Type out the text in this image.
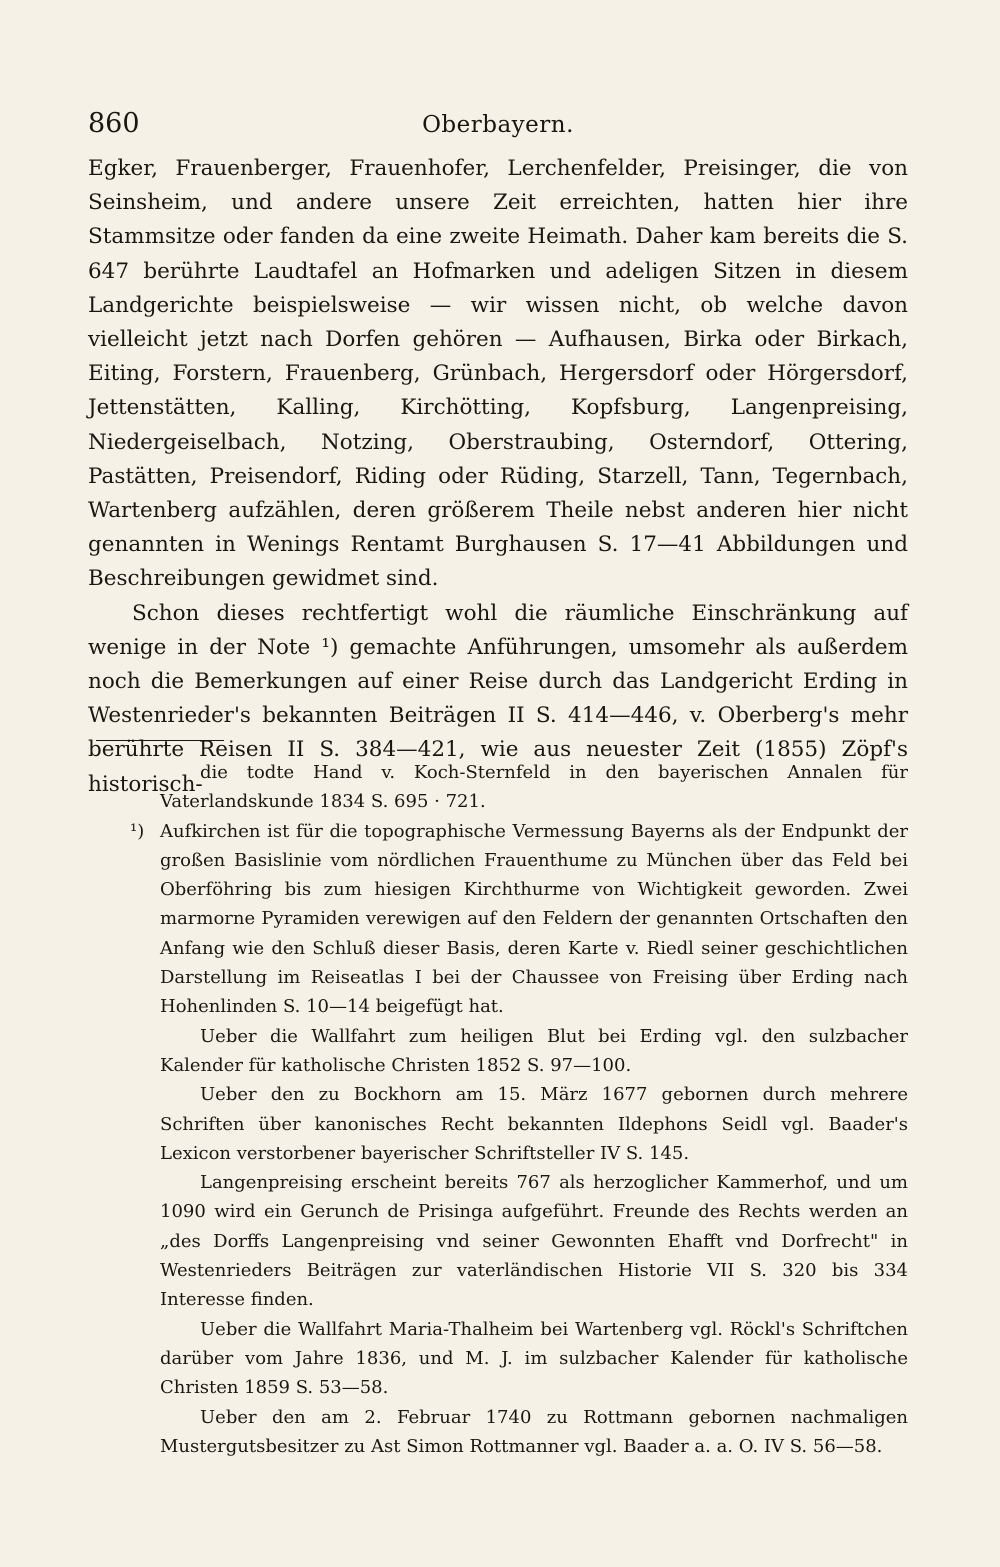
860	Oberbayern.

Egker, Frauenberger, Frauenhofer, Lerchenfelder, Preisinger, die von Seinsheim, und andere unsere Zeit erreichten, hatten hier ihre Stammsitze oder fanden da eine zweite Heimath. Daher kam bereits die S. 647 berührte Laudtafel an Hofmarken und adeligen Sitzen in diesem Landgerichte beispielsweise — wir wissen nicht, ob welche davon vielleicht jetzt nach Dorfen gehören — Aufhausen, Birka oder Birkach, Eiting, Forstern, Frauenberg, Grünbach, Hergersdorf oder Hörgersdorf, Jettenstätten, Kalling, Kirchötting, Kopfsburg, Langenpreising, Niedergeiselbach, Notzing, Oberstraubing, Osterndorf, Ottering, Pastätten, Preisendorf, Riding oder Rüding, Starzell, Tann, Tegernbach, Wartenberg aufzählen, deren größerem Theile nebst anderen hier nicht genannten in Wenings Rentamt Burghausen S. 17—41 Abbildungen und Beschreibungen gewidmet sind.

Schon dieses rechtfertigt wohl die räumliche Einschränkung auf wenige in der Note ¹) gemachte Anführungen, umsomehr als außerdem noch die Bemerkungen auf einer Reise durch das Landgericht Erding in Westenrieder's bekannten Beiträgen II S. 414—446, v. Oberberg's mehr berührte Reisen II S. 384—421, wie aus neuester Zeit (1855) Zöpf's historisch-

die todte Hand v. Koch-Sternfeld in den bayerischen Annalen für Vaterlandskunde 1834 S. 695 · 721.

¹) Aufkirchen ist für die topographische Vermessung Bayerns als der Endpunkt der großen Basislinie vom nördlichen Frauenthume zu München über das Feld bei Oberföhring bis zum hiesigen Kirchthurme von Wichtigkeit geworden. Zwei marmorne Pyramiden verewigen auf den Feldern der genannten Ortschaften den Anfang wie den Schluß dieser Basis, deren Karte v. Riedl seiner geschichtlichen Darstellung im Reiseatlas I bei der Chaussee von Freising über Erding nach Hohenlinden S. 10—14 beigefügt hat.

Ueber die Wallfahrt zum heiligen Blut bei Erding vgl. den sulzbacher Kalender für katholische Christen 1852 S. 97—100.

Ueber den zu Bockhorn am 15. März 1677 gebornen durch mehrere Schriften über kanonisches Recht bekannten Ildephons Seidl vgl. Baader's Lexicon verstorbener bayerischer Schriftsteller IV S. 145.

Langenpreising erscheint bereits 767 als herzoglicher Kammerhof, und um 1090 wird ein Gerunch de Prisinga aufgeführt. Freunde des Rechts werden an „des Dorffs Langenpreising vnd seiner Gewonnten Ehafft vnd Dorfrecht" in Westenrieders Beiträgen zur vaterländischen Historie VII S. 320 bis 334 Interesse finden.

Ueber die Wallfahrt Maria-Thalheim bei Wartenberg vgl. Röckl's Schriftchen darüber vom Jahre 1836, und M. J. im sulzbacher Kalender für katholische Christen 1859 S. 53—58.

Ueber den am 2. Februar 1740 zu Rottmann gebornen nachmaligen Mustergutsbesitzer zu Ast Simon Rottmanner vgl. Baader a. a. O. IV S. 56—58.
